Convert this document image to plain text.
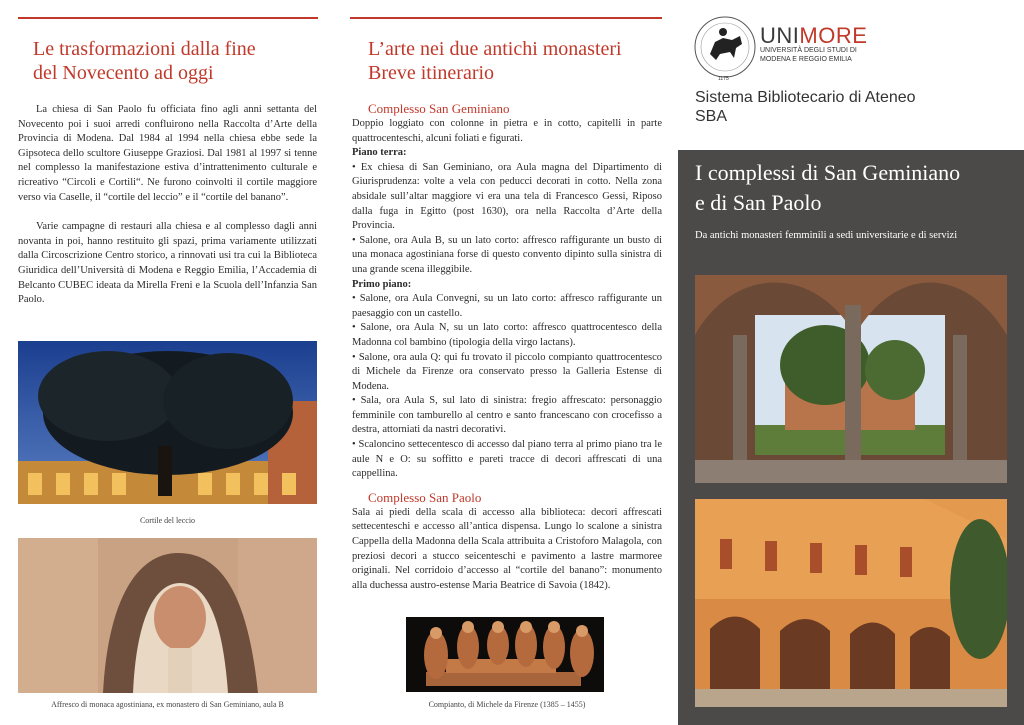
Le trasformazioni dalla fine
del Novecento ad oggi

La chiesa di San Paolo fu officiata fino agli anni settanta del Novecento poi i suoi arredi confluirono nella Raccolta d’Arte della Provincia di Modena. Dal 1984 al 1994 nella chiesa ebbe sede la Gipsoteca dello scultore Giuseppe Graziosi. Dal 1981 al 1997 si tenne nel complesso la manifestazione estiva d’intrattenimento culturale e ricreativo “Circoli e Cortili“. Ne furono coinvolti il cortile maggiore verso via Caselle, il “cortile del leccio” e il “cortile del banano”.

Varie campagne di restauri alla chiesa e al complesso dagli anni novanta in poi, hanno restituito gli spazi, prima variamente utilizzati dalla Circoscrizione Centro storico, a rinnovati usi tra cui la Biblioteca Giuridica dell’Università di Modena e Reggio Emilia, l’Accademia di Belcanto CUBEC ideata da Mirella Freni e la Scuola dell’Infanzia San Paolo.

Cortile del leccio
Affresco di monaca agostiniana, ex monastero di San Geminiano, aula B
L’arte nei due antichi monasteri
Breve itinerario
Complesso San Geminiano
Doppio loggiato con colonne in pietra e in cotto, capitelli in parte quattrocenteschi, alcuni foliati e figurati.
Piano terra:
• Ex chiesa di San Geminiano, ora Aula magna del Dipartimento di Giurisprudenza: volte a vela con peducci decorati in cotto. Nella zona absidale sull’altar maggiore vi era una tela di Francesco Gessi, Riposo dalla fuga in Egitto (post 1630), ora nella Raccolta d’Arte della Provincia.
• Salone, ora Aula B, su un lato corto: affresco raffigurante un busto di una monaca agostiniana forse di questo convento dipinto sulla sinistra di una grande scena illeggibile.
Primo piano:
• Salone, ora Aula Convegni, su un lato corto: affresco raffigurante un paesaggio con un castello.
• Salone, ora Aula N, su un lato corto: affresco quattrocentesco della Madonna col bambino (tipologia della virgo lactans).
• Salone, ora aula Q: qui fu trovato il piccolo compianto quattrocentesco di Michele da Firenze ora conservato presso la Galleria Estense di Modena.
• Sala, ora Aula S, sul lato di sinistra: fregio affrescato: personaggio femminile con tamburello al centro e santo francescano con crocefisso a destra, attorniati da nastri decorativi.
• Scaloncino settecentesco di accesso dal piano terra al primo piano tra le aule N e O: su soffitto e pareti tracce di decori affrescati di una cappellina.
Complesso San Paolo
Sala ai piedi della scala di accesso alla biblioteca: decori affrescati settecenteschi e accesso all’antica dispensa. Lungo lo scalone a sinistra Cappella della Madonna della Scala attribuita a Cristoforo Malagola, con preziosi decori a stucco seicenteschi e pavimento a lastre marmoree originali. Nel corridoio d’accesso al “cortile del banano”: monumento alla duchessa austro-estense Maria Beatrice di Savoia (1842).
Compianto, di Michele da Firenze (1385 – 1455)
1175
UNIMORE
UNIVERSITÀ DEGLI STUDI DI
MODENA E REGGIO EMILIA
Sistema Bibliotecario di Ateneo
SBA
I complessi di San Geminiano
e di San Paolo
Da antichi monasteri femminili a sedi universitarie e di servizi
